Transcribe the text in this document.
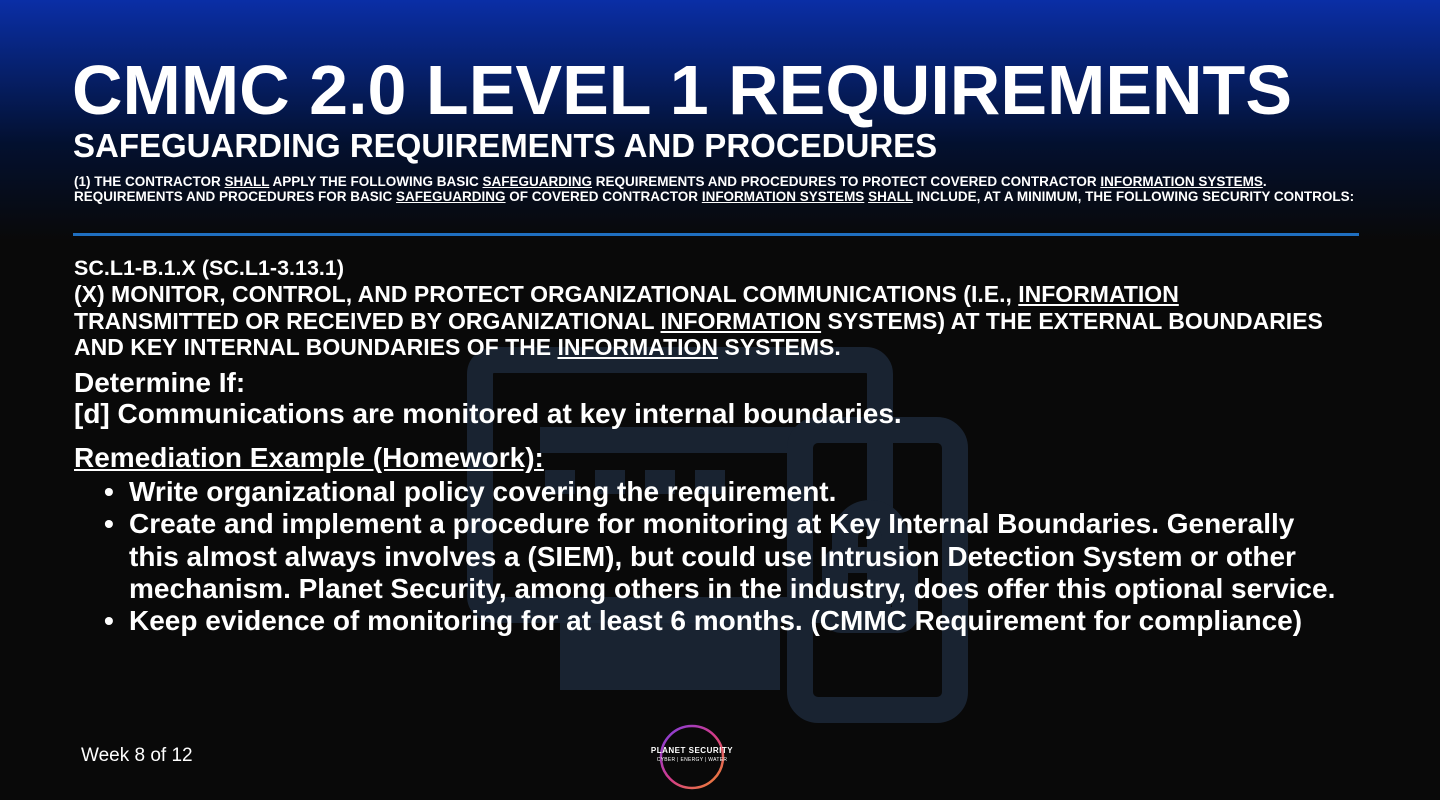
CMMC 2.0 LEVEL 1 REQUIREMENTS
SAFEGUARDING REQUIREMENTS AND PROCEDURES

(1) THE CONTRACTOR SHALL APPLY THE FOLLOWING BASIC SAFEGUARDING REQUIREMENTS AND PROCEDURES TO PROTECT COVERED CONTRACTOR INFORMATION SYSTEMS. REQUIREMENTS AND PROCEDURES FOR BASIC SAFEGUARDING OF COVERED CONTRACTOR INFORMATION SYSTEMS SHALL INCLUDE, AT A MINIMUM, THE FOLLOWING SECURITY CONTROLS:

SC.L1-B.1.X (SC.L1-3.13.1)

(X) MONITOR, CONTROL, AND PROTECT ORGANIZATIONAL COMMUNICATIONS (I.E., INFORMATION TRANSMITTED OR RECEIVED BY ORGANIZATIONAL INFORMATION SYSTEMS) AT THE EXTERNAL BOUNDARIES AND KEY INTERNAL BOUNDARIES OF THE INFORMATION SYSTEMS.

Determine If:

[d] Communications are monitored at key internal boundaries.

Remediation Example (Homework):

• Write organizational policy covering the requirement.
• Create and implement a procedure for monitoring at Key Internal Boundaries. Generally this almost always involves a (SIEM), but could use Intrusion Detection System or other mechanism. Planet Security, among others in the industry, does offer this optional service.
• Keep evidence of monitoring for at least 6 months. (CMMC Requirement for compliance)

Week 8 of 12	PLANET SECURITY
CYBER | ENERGY | WATER
